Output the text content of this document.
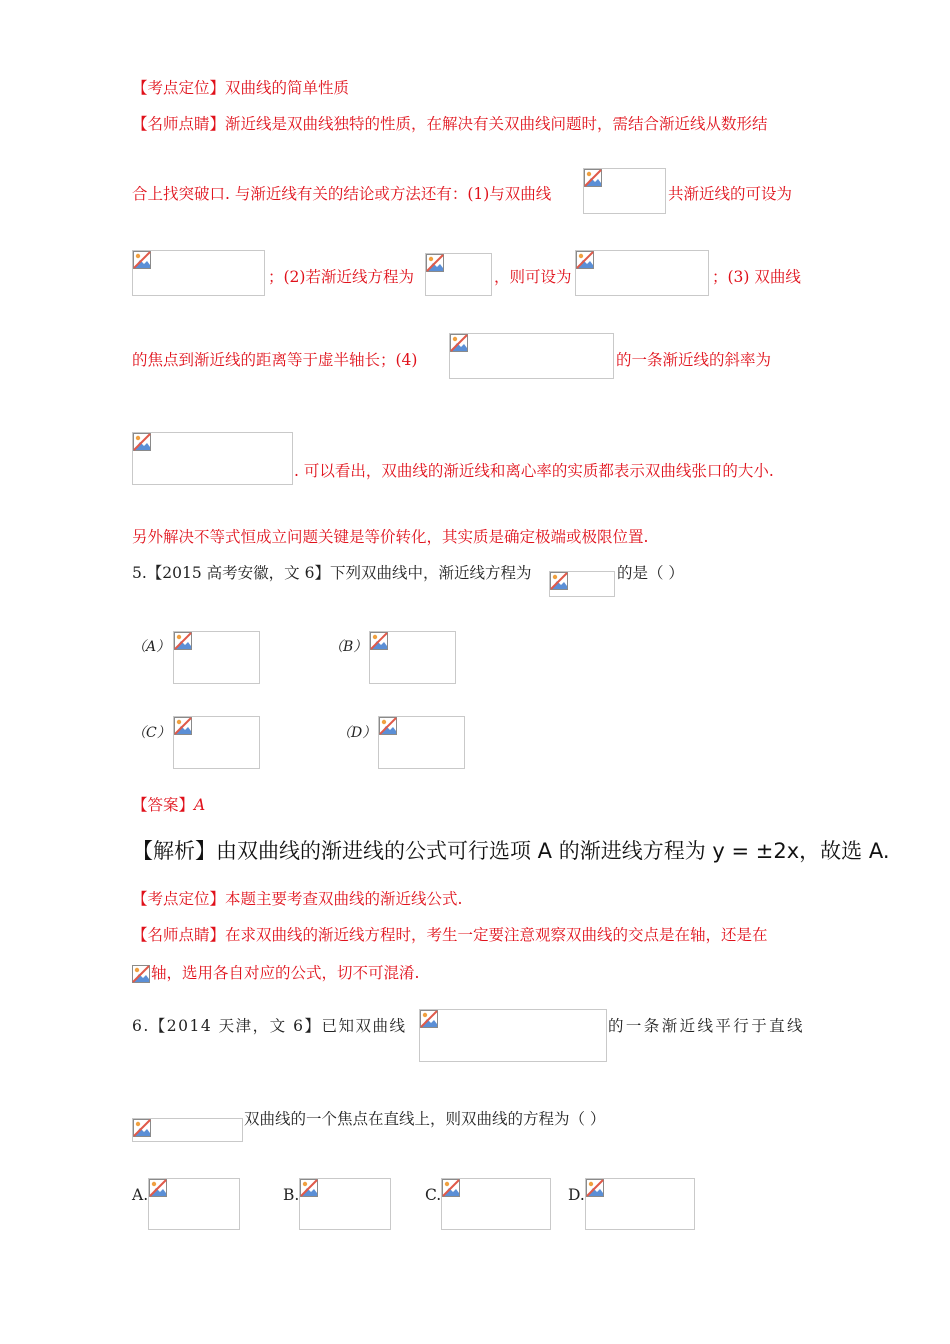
【考点定位】双曲线的简单性质
【名师点睛】渐近线是双曲线独特的性质，在解决有关双曲线问题时，需结合渐近线从数形结
合上找突破口. 与渐近线有关的结论或方法还有：(1)与双曲线	共渐近线的可设为
；(2)若渐近线方程为	，则可设为	；(3) 双曲线
的焦点到渐近线的距离等于虚半轴长；(4)	的一条渐近线的斜率为
. 可以看出，双曲线的渐近线和离心率的实质都表示双曲线张口的大小.
另外解决不等式恒成立问题关键是等价转化，其实质是确定极端或极限位置.
5.【2015 高考安徽，文 6】下列双曲线中，渐近线方程为	的是（ ）
（A）	（B）
（C）	（D）
【答案】A
【解析】由双曲线的渐进线的公式可行选项 A 的渐进线方程为 y = ±2x，故选 A.
【考点定位】本题主要考查双曲线的渐近线公式.
【名师点睛】在求双曲线的渐近线方程时，考生一定要注意观察双曲线的交点是在轴，还是在
轴，选用各自对应的公式，切不可混淆.
6.【2014 天津，文 6】已知双曲线	的一条渐近线平行于直线
双曲线的一个焦点在直线上，则双曲线的方程为（ ）
A.	B.	C.	D.
